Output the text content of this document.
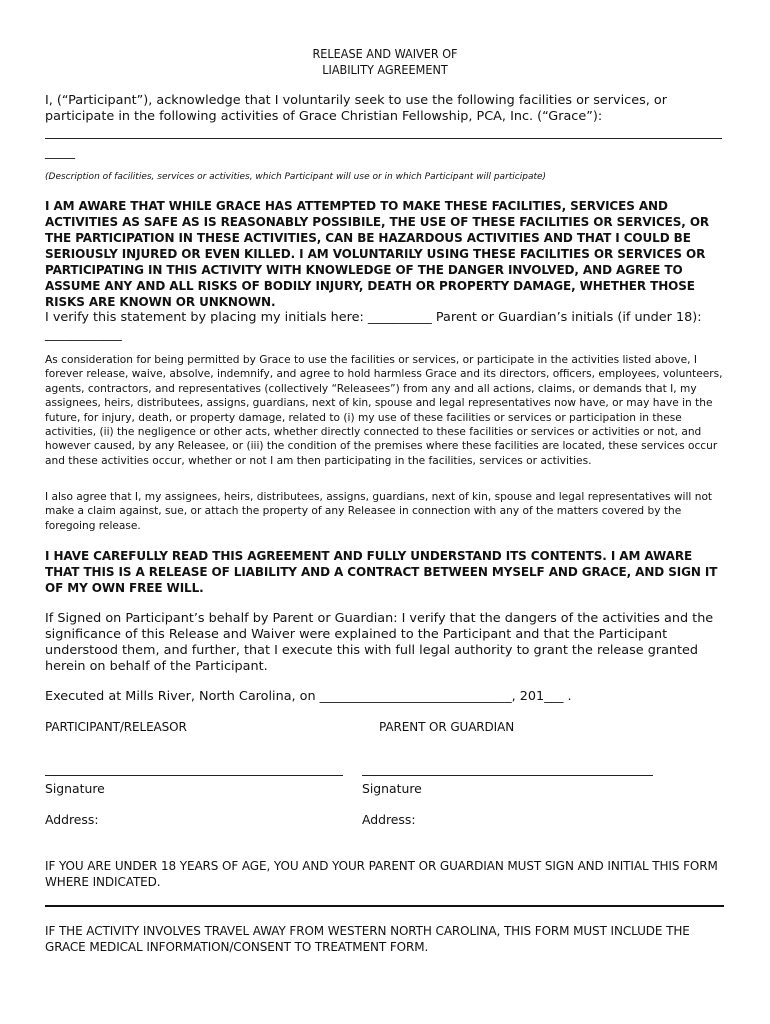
RELEASE AND WAIVER OF
LIABILITY AGREEMENT
I, (“Participant”), acknowledge that I voluntarily seek to use the following facilities or services, or participate in the following activities of Grace Christian Fellowship, PCA, Inc. (“Grace”):
_____
(Description of facilities, services or activities, which Participant will use or in which Participant will participate)
I AM AWARE THAT WHILE GRACE HAS ATTEMPTED TO MAKE THESE FACILITIES, SERVICES AND ACTIVITIES AS SAFE AS IS REASONABLY POSSIBILE, THE USE OF THESE FACILITIES OR SERVICES, OR THE PARTICIPATION IN THESE ACTIVITIES, CAN BE HAZARDOUS ACTIVITIES AND THAT I COULD BE SERIOUSLY INJURED OR EVEN KILLED. I AM VOLUNTARILY USING THESE FACILITIES OR SERVICES OR PARTICIPATING IN THIS ACTIVITY WITH KNOWLEDGE OF THE DANGER INVOLVED, AND AGREE TO ASSUME ANY AND ALL RISKS OF BODILY INJURY, DEATH OR PROPERTY DAMAGE, WHETHER THOSE RISKS ARE KNOWN OR UNKNOWN.
I verify this statement by placing my initials here: __________ Parent or Guardian’s initials (if under 18): ____________
As consideration for being permitted by Grace to use the facilities or services, or participate in the activities listed above, I forever release, waive, absolve, indemnify, and agree to hold harmless Grace and its directors, officers, employees, volunteers, agents, contractors, and representatives (collectively “Releasees”) from any and all actions, claims, or demands that I, my assignees, heirs, distributees, assigns, guardians, next of kin, spouse and legal representatives now have, or may have in the future, for injury, death, or property damage, related to (i) my use of these facilities or services or participation in these activities, (ii) the negligence or other acts, whether directly connected to these facilities or services or activities or not, and however caused, by any Releasee, or (iii) the condition of the premises where these facilities are located, these services occur and these activities occur, whether or not I am then participating in the facilities, services or activities.
I also agree that I, my assignees, heirs, distributees, assigns, guardians, next of kin, spouse and legal representatives will not make a claim against, sue, or attach the property of any Releasee in connection with any of the matters covered by the foregoing release.
I HAVE CAREFULLY READ THIS AGREEMENT AND FULLY UNDERSTAND ITS CONTENTS. I AM AWARE THAT THIS IS A RELEASE OF LIABILITY AND A CONTRACT BETWEEN MYSELF AND GRACE, AND SIGN IT OF MY OWN FREE WILL.
If Signed on Participant’s behalf by Parent or Guardian: I verify that the dangers of the activities and the significance of this Release and Waiver were explained to the Participant and that the Participant understood them, and further, that I execute this with full legal authority to grant the release granted herein on behalf of the Participant.
Executed at Mills River, North Carolina, on ______________________________, 201___ .
PARTICIPANT/RELEASOR	PARENT OR GUARDIAN
Signature	Signature
Address:	Address:
IF YOU ARE UNDER 18 YEARS OF AGE, YOU AND YOUR PARENT OR GUARDIAN MUST SIGN AND INITIAL THIS FORM WHERE INDICATED.
IF THE ACTIVITY INVOLVES TRAVEL AWAY FROM WESTERN NORTH CAROLINA, THIS FORM MUST INCLUDE THE GRACE MEDICAL INFORMATION/CONSENT TO TREATMENT FORM.
